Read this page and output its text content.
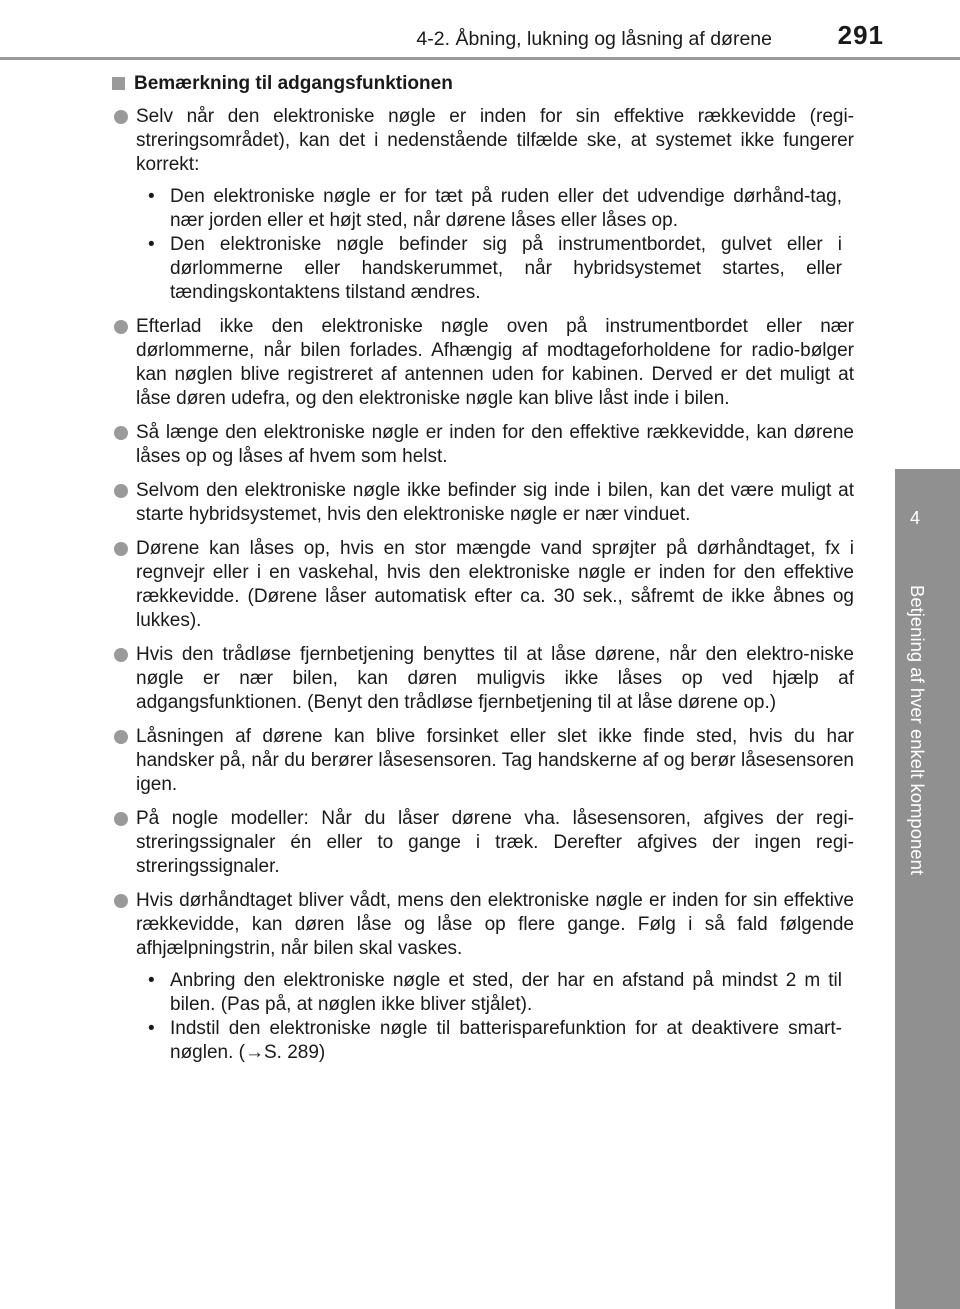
4-2. Åbning, lukning og låsning af dørene	291
4
Betjening af hver enkelt komponent
Bemærkning til adgangsfunktionen

Selv når den elektroniske nøgle er inden for sin effektive rækkevidde (regi-streringsområdet), kan det i nedenstående tilfælde ske, at systemet ikke fungerer korrekt:

• Den elektroniske nøgle er for tæt på ruden eller det udvendige dørhånd-tag, nær jorden eller et højt sted, når dørene låses eller låses op.
• Den elektroniske nøgle befinder sig på instrumentbordet, gulvet eller i dørlommerne eller handskerummet, når hybridsystemet startes, eller tændingskontaktens tilstand ændres.

Efterlad ikke den elektroniske nøgle oven på instrumentbordet eller nær dørlommerne, når bilen forlades. Afhængig af modtageforholdene for radio-bølger kan nøglen blive registreret af antennen uden for kabinen. Derved er det muligt at låse døren udefra, og den elektroniske nøgle kan blive låst inde i bilen.

Så længe den elektroniske nøgle er inden for den effektive rækkevidde, kan dørene låses op og låses af hvem som helst.

Selvom den elektroniske nøgle ikke befinder sig inde i bilen, kan det være muligt at starte hybridsystemet, hvis den elektroniske nøgle er nær vinduet.

Dørene kan låses op, hvis en stor mængde vand sprøjter på dørhåndtaget, fx i regnvejr eller i en vaskehal, hvis den elektroniske nøgle er inden for den effektive rækkevidde. (Dørene låser automatisk efter ca. 30 sek., såfremt de ikke åbnes og lukkes).

Hvis den trådløse fjernbetjening benyttes til at låse dørene, når den elektro-niske nøgle er nær bilen, kan døren muligvis ikke låses op ved hjælp af adgangsfunktionen. (Benyt den trådløse fjernbetjening til at låse dørene op.)

Låsningen af dørene kan blive forsinket eller slet ikke finde sted, hvis du har handsker på, når du berører låsesensoren. Tag handskerne af og berør låsesensoren igen.

På nogle modeller: Når du låser dørene vha. låsesensoren, afgives der regi-streringssignaler én eller to gange i træk. Derefter afgives der ingen regi-streringssignaler.

Hvis dørhåndtaget bliver vådt, mens den elektroniske nøgle er inden for sin effektive rækkevidde, kan døren låse og låse op flere gange. Følg i så fald følgende afhjælpningstrin, når bilen skal vaskes.

• Anbring den elektroniske nøgle et sted, der har en afstand på mindst 2 m til bilen. (Pas på, at nøglen ikke bliver stjålet).
• Indstil den elektroniske nøgle til batterisparefunktion for at deaktivere smart-nøglen. (→S. 289)
